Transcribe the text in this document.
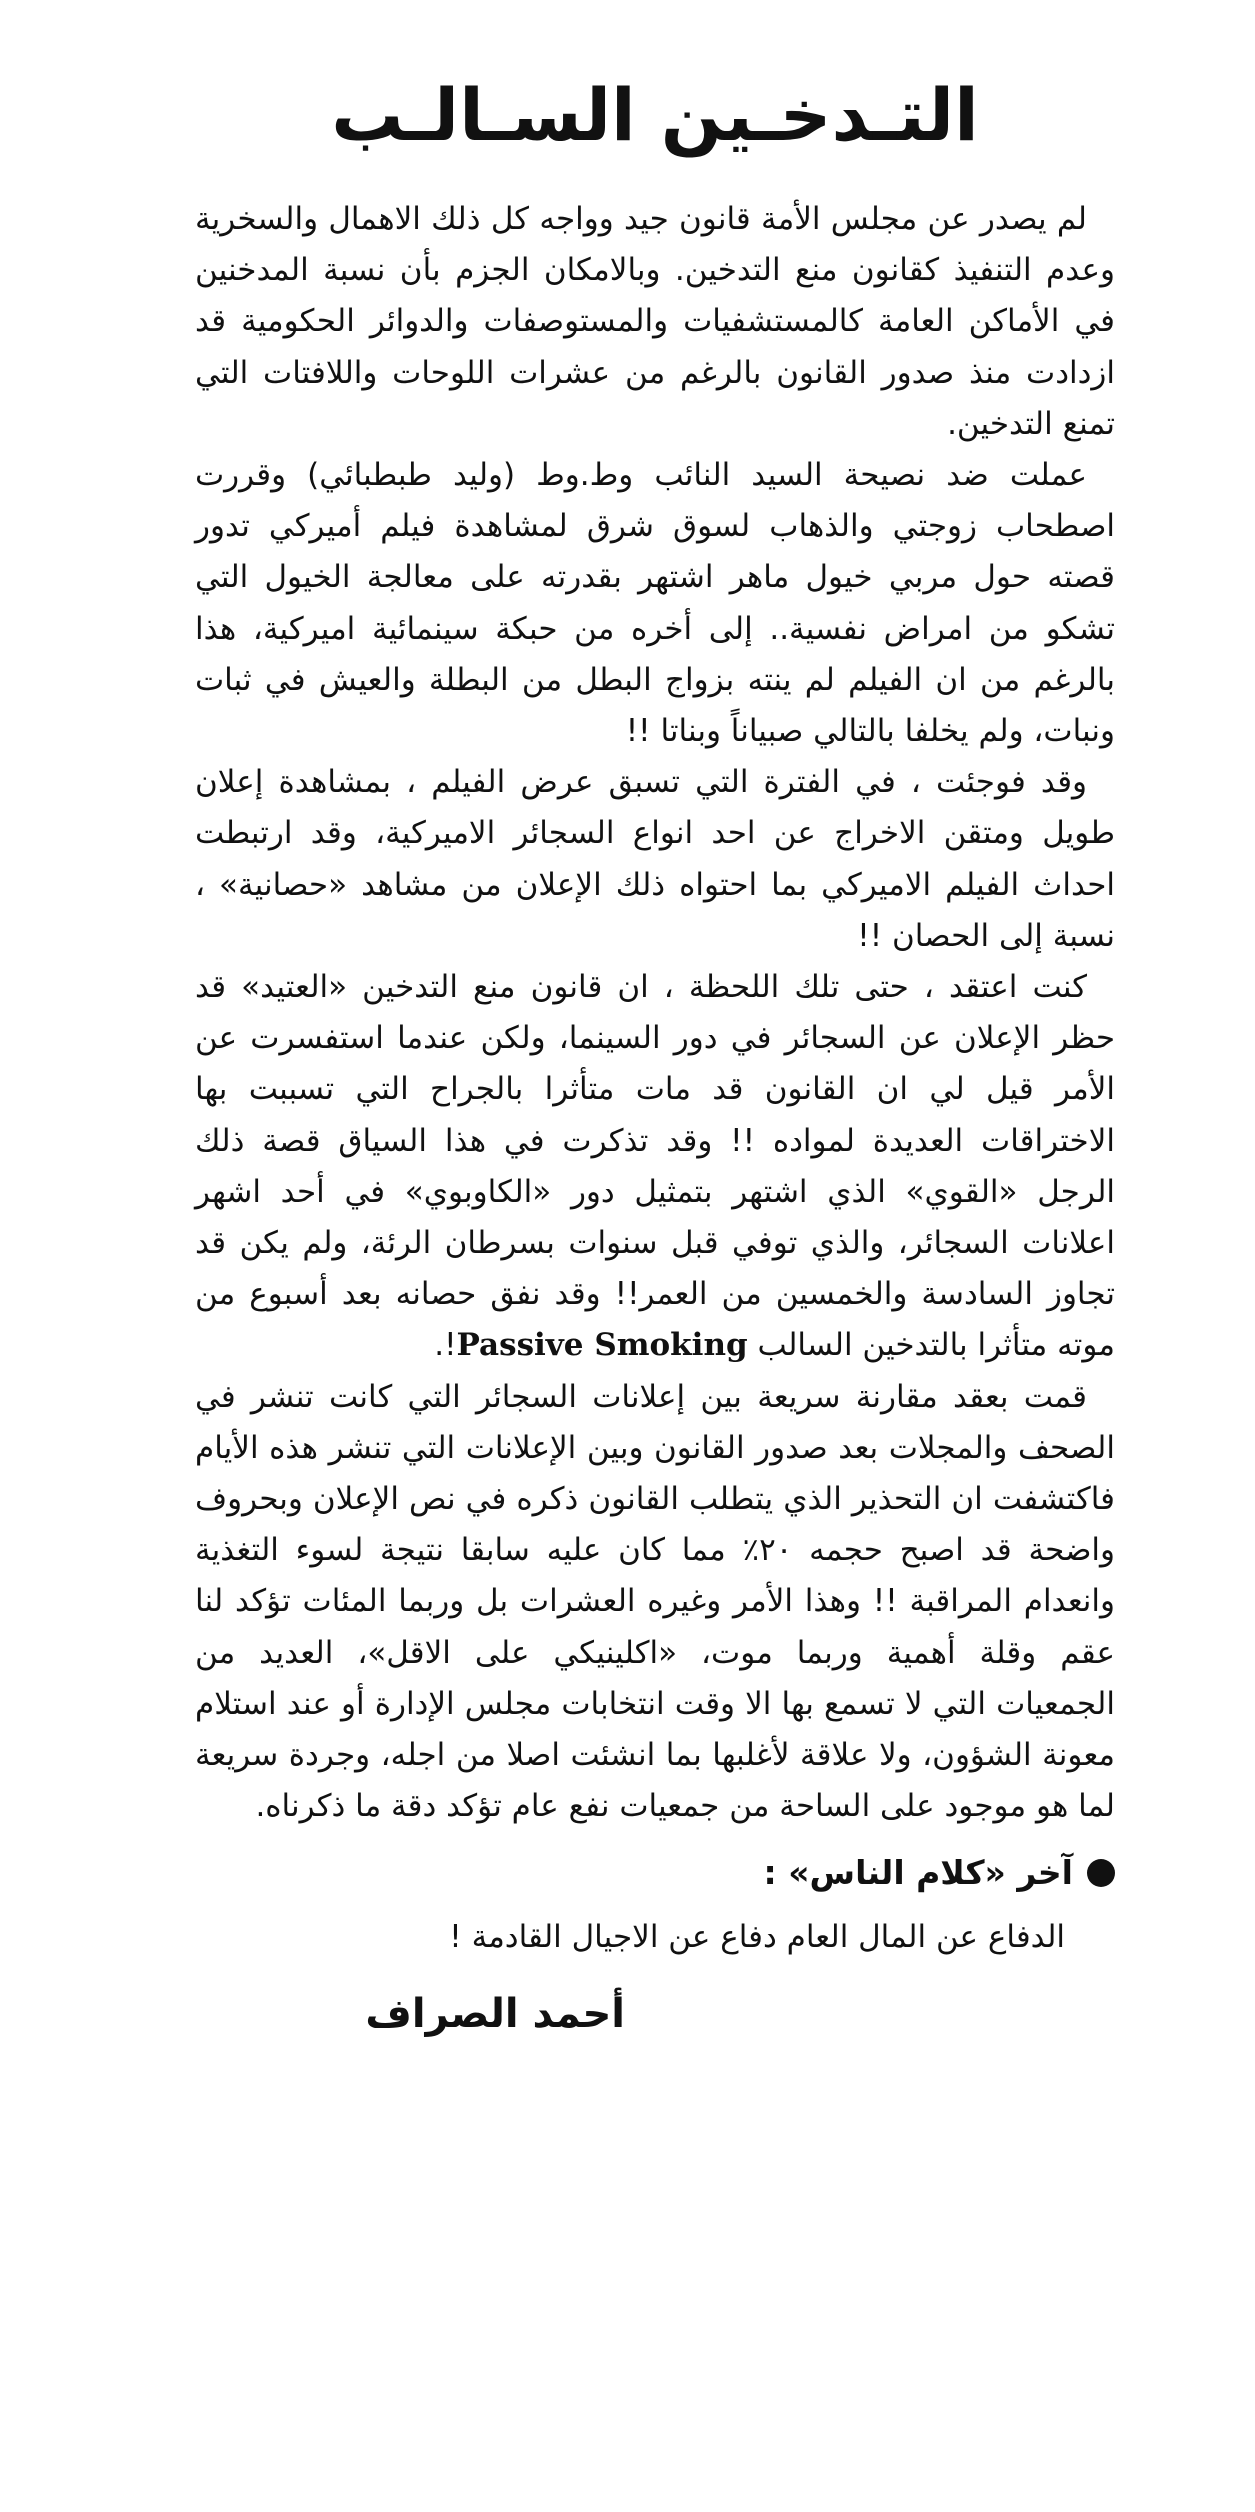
التـدخـين السـالـب

لم يصدر عن مجلس الأمة قانون جيد وواجه كل ذلك الاهمال والسخرية وعدم التنفيذ كقانون منع التدخين. وبالامكان الجزم بأن نسبة المدخنين في الأماكن العامة كالمستشفيات والمستوصفات والدوائر الحكومية قد ازدادت منذ صدور القانون بالرغم من عشرات اللوحات واللافتات التي تمنع التدخين.

عملت ضد نصيحة السيد النائب وط.وط (وليد طبطبائي) وقررت اصطحاب زوجتي والذهاب لسوق شرق لمشاهدة فيلم أميركي تدور قصته حول مربي خيول ماهر اشتهر بقدرته على معالجة الخيول التي تشكو من امراض نفسية.. إلى أخره من حبكة سينمائية اميركية، هذا بالرغم من ان الفيلم لم ينته بزواج البطل من البطلة والعيش في ثبات ونبات، ولم يخلفا بالتالي صبياناً وبناتا !!

وقد فوجئت ، في الفترة التي تسبق عرض الفيلم ، بمشاهدة إعلان طويل ومتقن الاخراج عن احد انواع السجائر الاميركية، وقد ارتبطت احداث الفيلم الاميركي بما احتواه ذلك الإعلان من مشاهد «حصانية» ، نسبة إلى الحصان !!

كنت اعتقد ، حتى تلك اللحظة ، ان قانون منع التدخين «العتيد» قد حظر الإعلان عن السجائر في دور السينما، ولكن عندما استفسرت عن الأمر قيل لي ان القانون قد مات متأثرا بالجراح التي تسببت بها الاختراقات العديدة لمواده !! وقد تذكرت في هذا السياق قصة ذلك الرجل «القوي» الذي اشتهر بتمثيل دور «الكاوبوي» في أحد اشهر اعلانات السجائر، والذي توفي قبل سنوات بسرطان الرئة، ولم يكن قد تجاوز السادسة والخمسين من العمر!! وقد نفق حصانه بعد أسبوع من موته متأثرا بالتدخين السالب Passive Smoking!.

قمت بعقد مقارنة سريعة بين إعلانات السجائر التي كانت تنشر في الصحف والمجلات بعد صدور القانون وبين الإعلانات التي تنشر هذه الأيام فاكتشفت ان التحذير الذي يتطلب القانون ذكره في نص الإعلان وبحروف واضحة قد اصبح حجمه ٢٠٪ مما كان عليه سابقا نتيجة لسوء التغذية وانعدام المراقبة !! وهذا الأمر وغيره العشرات بل وربما المئات تؤكد لنا عقم وقلة أهمية وربما موت، «اكلينيكي على الاقل»، العديد من الجمعيات التي لا تسمع بها الا وقت انتخابات مجلس الإدارة أو عند استلام معونة الشؤون، ولا علاقة لأغلبها بما انشئت اصلا من اجله، وجردة سريعة لما هو موجود على الساحة من جمعيات نفع عام تؤكد دقة ما ذكرناه.

آخر «كلام الناس» :
الدفاع عن المال العام دفاع عن الاجيال القادمة !
أحمد الصراف
